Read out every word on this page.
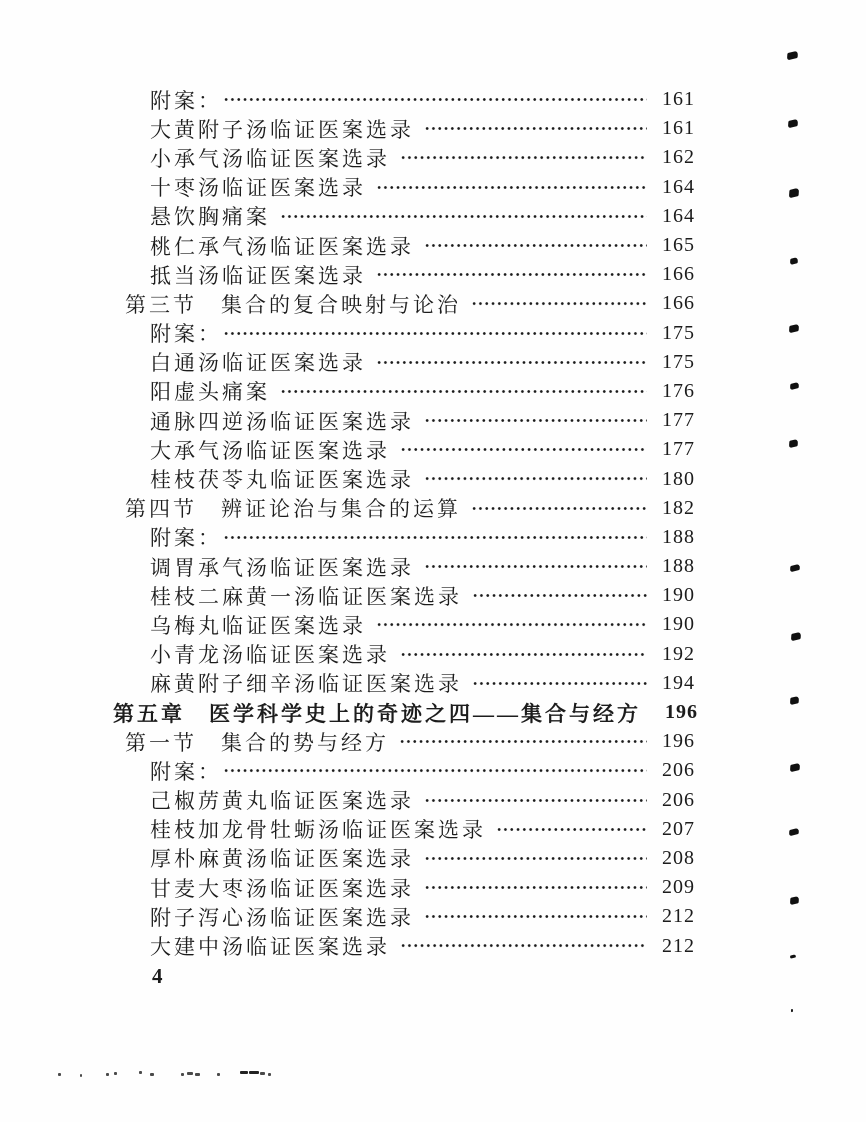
附案：	161
大黄附子汤临证医案选录	161
小承气汤临证医案选录	162
十枣汤临证医案选录	164
悬饮胸痛案	164
桃仁承气汤临证医案选录	165
抵当汤临证医案选录	166
第三节　集合的复合映射与论治	166
附案：	175
白通汤临证医案选录	175
阳虚头痛案	176
通脉四逆汤临证医案选录	177
大承气汤临证医案选录	177
桂枝茯苓丸临证医案选录	180
第四节　辨证论治与集合的运算	182
附案：	188
调胃承气汤临证医案选录	188
桂枝二麻黄一汤临证医案选录	190
乌梅丸临证医案选录	190
小青龙汤临证医案选录	192
麻黄附子细辛汤临证医案选录	194
第五章　医学科学史上的奇迹之四——集合与经方	196
第一节　集合的势与经方	196
附案：	206
己椒苈黄丸临证医案选录	206
桂枝加龙骨牡蛎汤临证医案选录	207
厚朴麻黄汤临证医案选录	208
甘麦大枣汤临证医案选录	209
附子泻心汤临证医案选录	212
大建中汤临证医案选录	212
4
